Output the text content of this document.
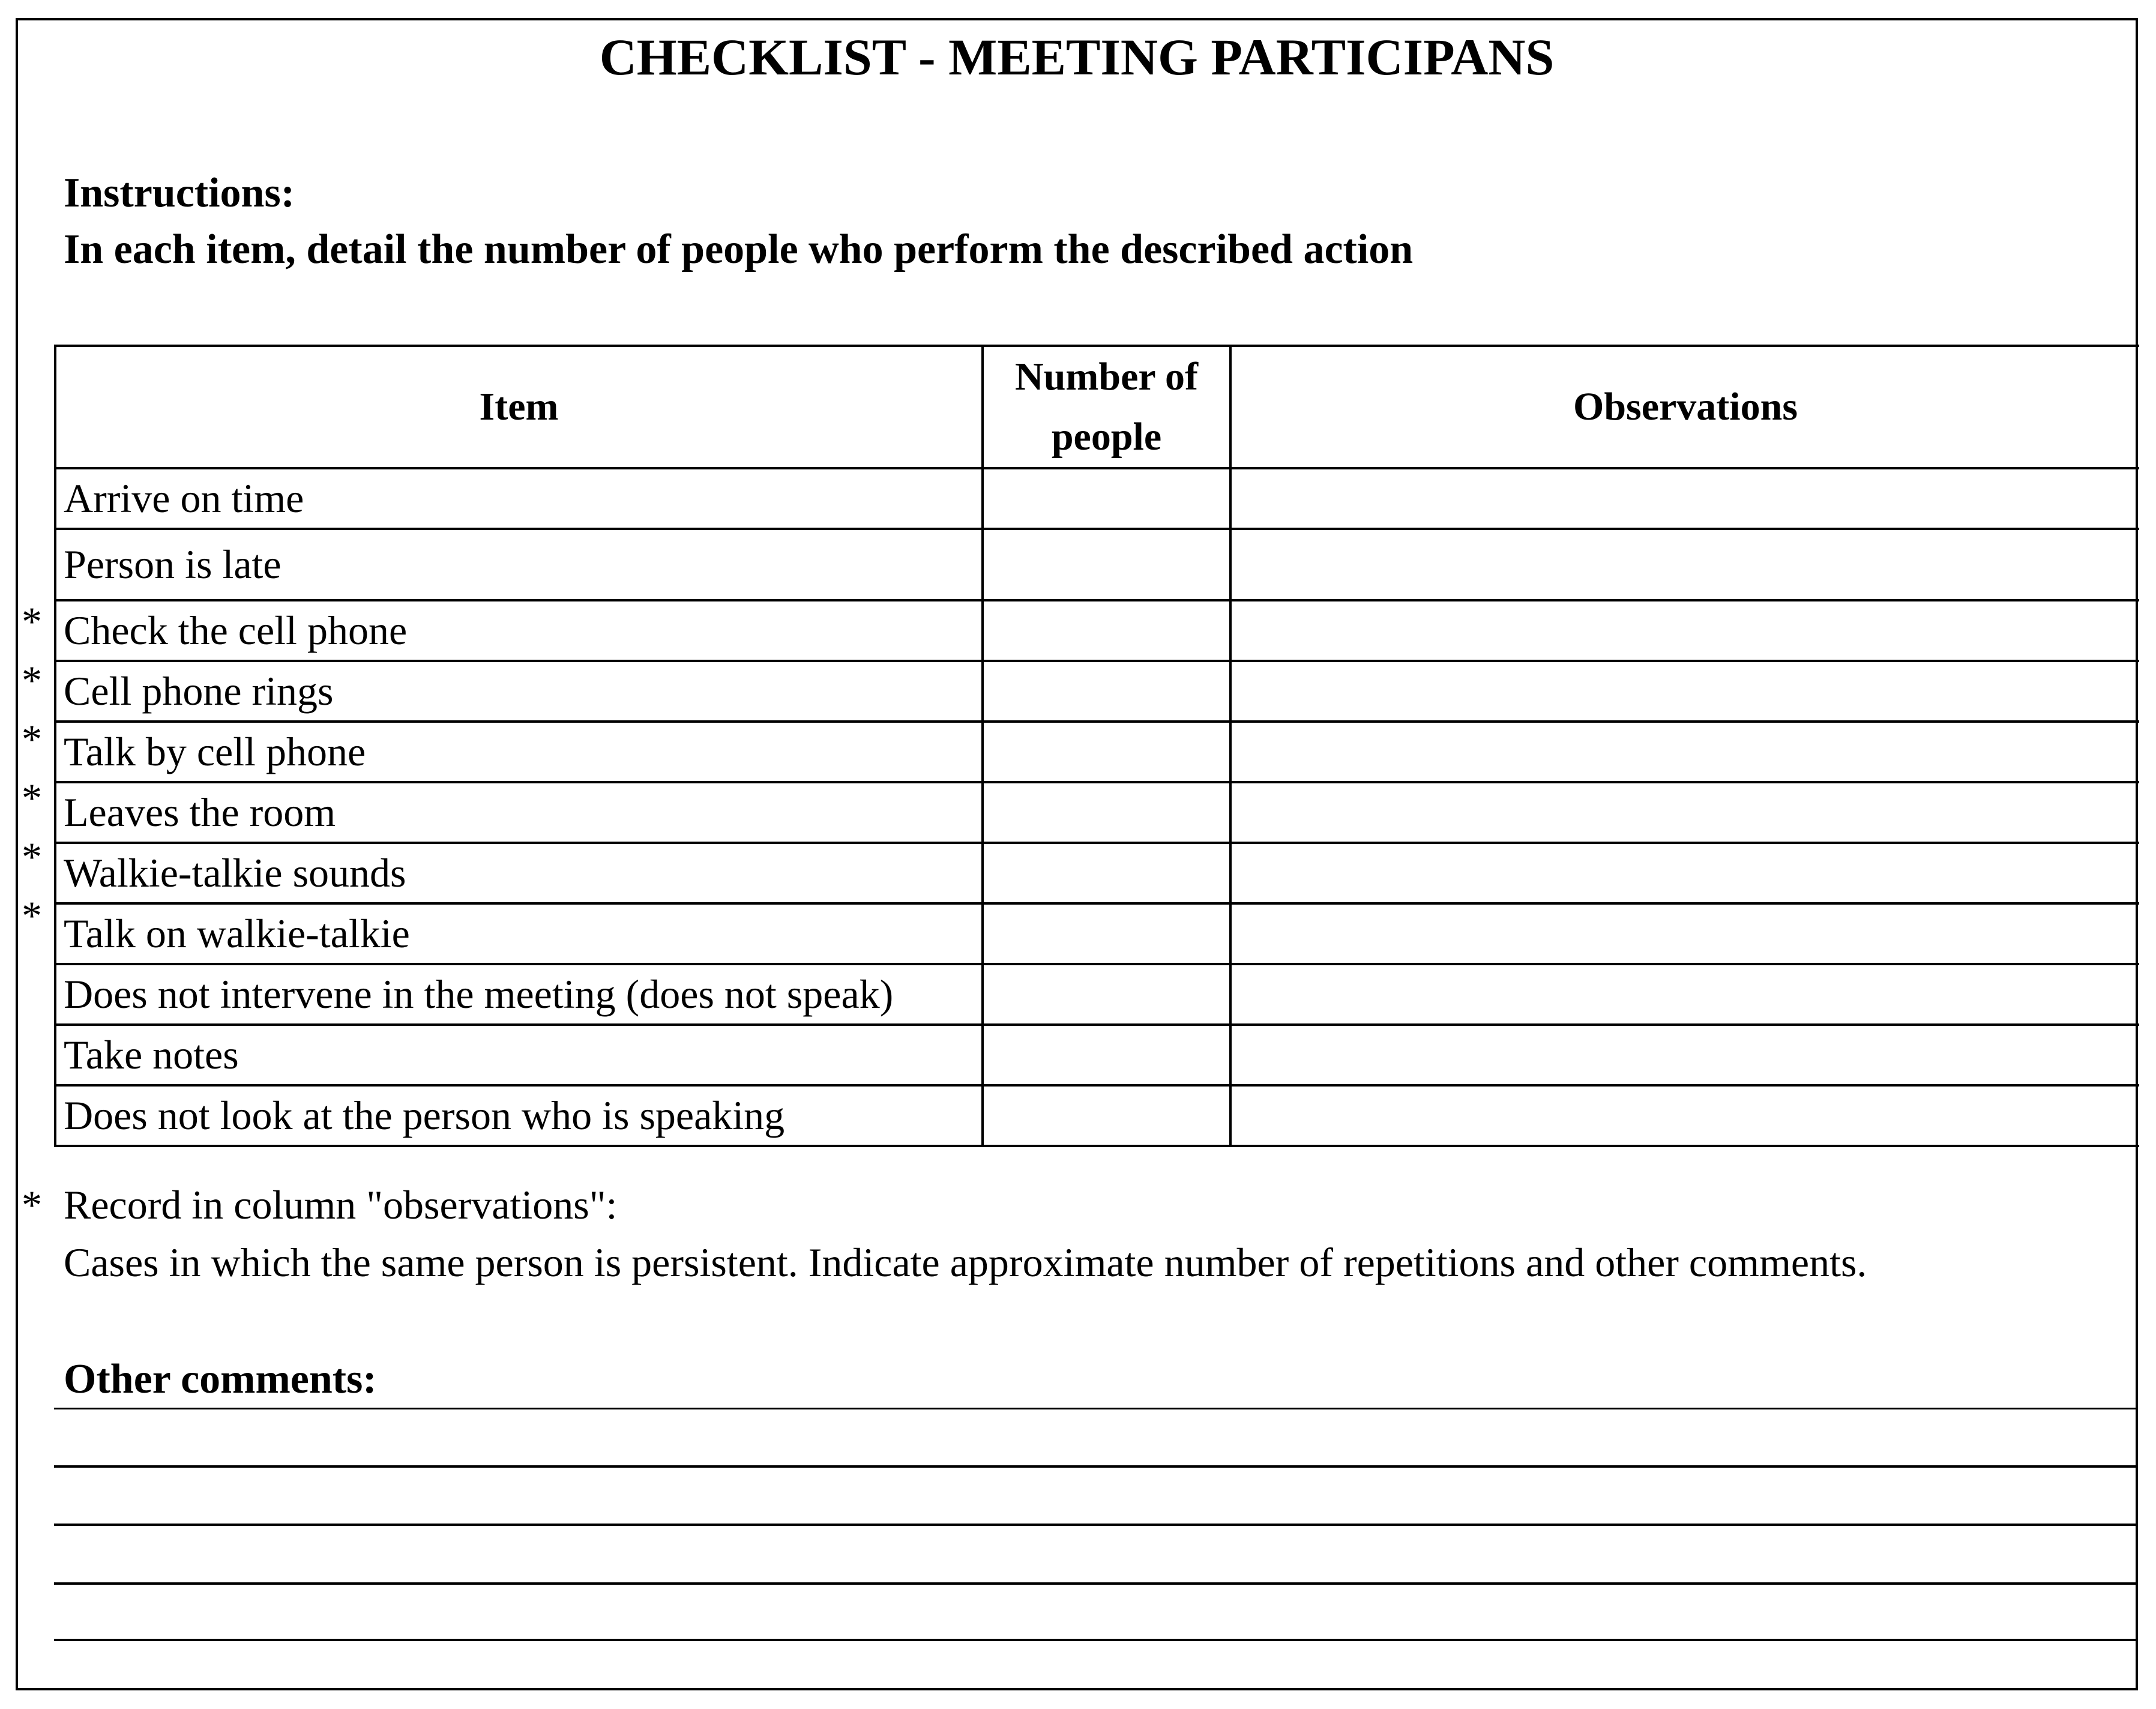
CHECKLIST - MEETING PARTICIPANS
Instructions:
In each item, detail the number of people who perform the described action
Item	Number of people	Observations
Arrive on time		
Person is late		
Check the cell phone		
Cell phone rings		
Talk by cell phone		
Leaves the room		
Walkie-talkie sounds		
Talk on walkie-talkie		
Does not intervene in the meeting (does not speak)		
Take notes		
Does not look at the person who is speaking		
*
*
*
*
*
*
* Record in column "observations":
Cases in which the same person is persistent. Indicate approximate number of repetitions and other comments.
Other comments:
